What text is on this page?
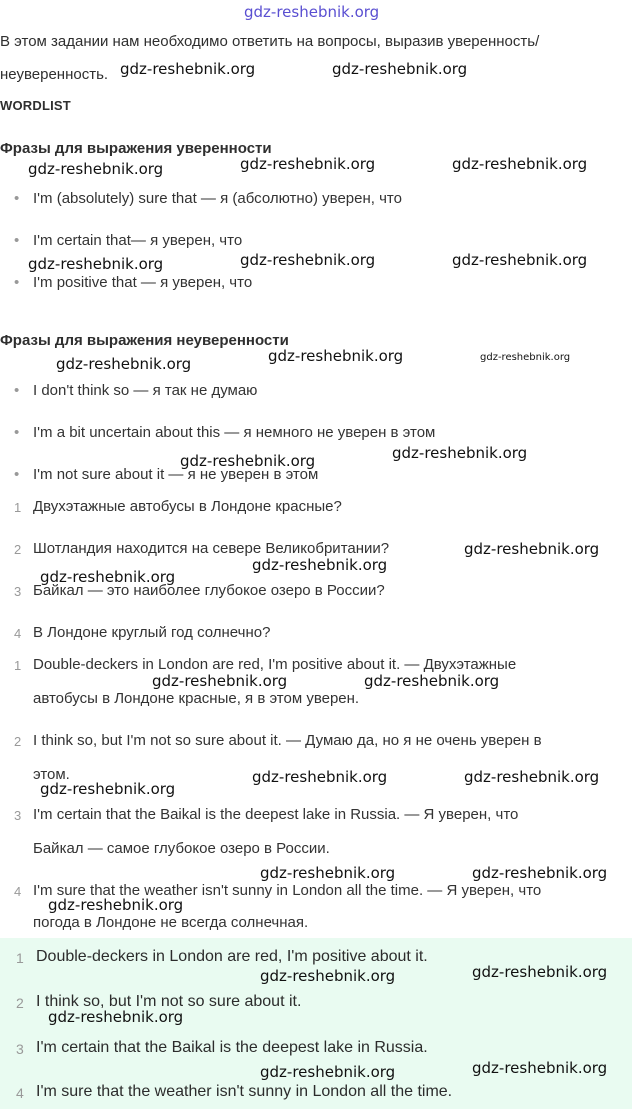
gdz-reshebnik.org
В этом задании нам необходимо ответить на вопросы, выразив уверенность/
неуверенность. gdz-reshebnik.org	gdz-reshebnik.org
WORDLIST
Фразы для выражения уверенности
gdz-reshebnik.org	gdz-reshebnik.org	gdz-reshebnik.org
• I'm (absolutely) sure that — я (абсолютно) уверен, что
• I'm certain that— я уверен, что
gdz-reshebnik.org	gdz-reshebnik.org	gdz-reshebnik.org
• I'm positive that — я уверен, что
Фразы для выражения неуверенности
gdz-reshebnik.org	gdz-reshebnik.org	gdz-reshebnik.org
• I don't think so — я так не думаю
• I'm a bit uncertain about this — я немного не уверен в этом
gdz-reshebnik.org
• I'm not sure about it — я не уверен в этом
gdz-reshebnik.org
1 Двухэтажные автобусы в Лондоне красные?
2 Шотландия находится на севере Великобритании?	gdz-reshebnik.org
gdz-reshebnik.org
gdz-reshebnik.org
3 Байкал — это наиболее глубокое озеро в России?
4 В Лондоне круглый год солнечно?
1 Double-deckers in London are red, I'm positive about it. — Двухэтажные
gdz-reshebnik.org	gdz-reshebnik.org
автобусы в Лондоне красные, я в этом уверен.
2 I think so, but I'm not so sure about it. — Думаю да, но я не очень уверен в
этом.
gdz-reshebnik.org
gdz-reshebnik.org	gdz-reshebnik.org
3 I'm certain that the Baikal is the deepest lake in Russia. — Я уверен, что
Байкал — самое глубокое озеро в России.
gdz-reshebnik.org	gdz-reshebnik.org
4 I'm sure that the weather isn't sunny in London all the time. — Я уверен, что
gdz-reshebnik.org
погода в Лондоне не всегда солнечная.
1 Double-deckers in London are red, I'm positive about it.
gdz-reshebnik.org	gdz-reshebnik.org
2 I think so, but I'm not so sure about it.
gdz-reshebnik.org
3 I'm certain that the Baikal is the deepest lake in Russia.
gdz-reshebnik.org	gdz-reshebnik.org
4 I'm sure that the weather isn't sunny in London all the time.
